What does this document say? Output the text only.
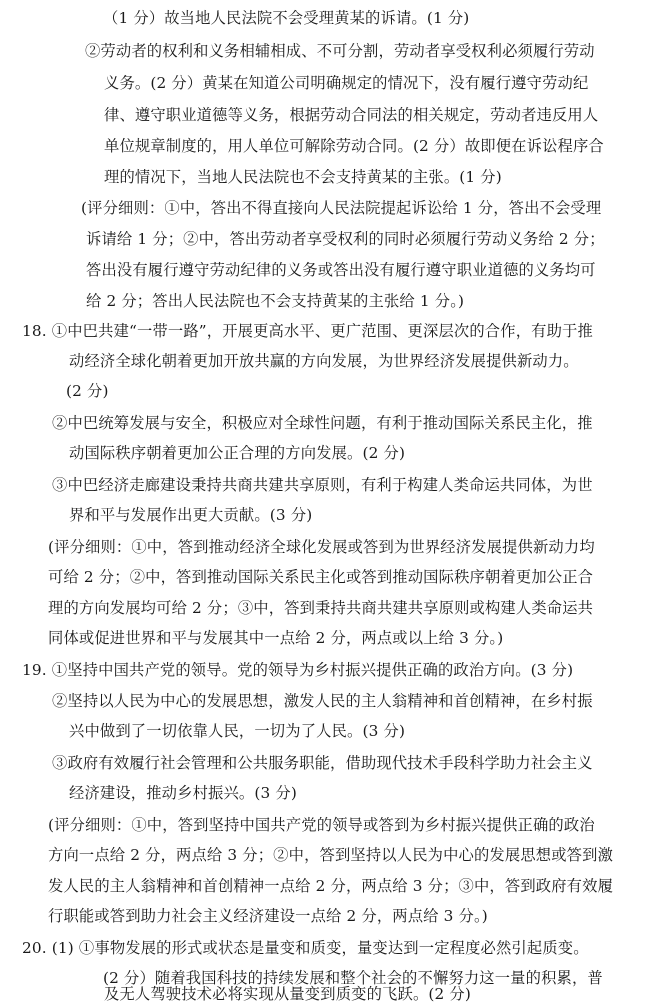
（1 分）故当地人民法院不会受理黄某的诉请。(1 分)
②劳动者的权利和义务相辅相成、不可分割，劳动者享受权利必须履行劳动
义务。(2 分）黄某在知道公司明确规定的情况下，没有履行遵守劳动纪
律、遵守职业道德等义务，根据劳动合同法的相关规定，劳动者违反用人
单位规章制度的，用人单位可解除劳动合同。(2 分）故即便在诉讼程序合
理的情况下，当地人民法院也不会支持黄某的主张。(1 分)
(评分细则：①中，答出不得直接向人民法院提起诉讼给 1 分，答出不会受理
诉请给 1 分；②中，答出劳动者享受权利的同时必须履行劳动义务给 2 分；
答出没有履行遵守劳动纪律的义务或答出没有履行遵守职业道德的义务均可
给 2 分；答出人民法院也不会支持黄某的主张给 1 分。)
18. ①中巴共建“一带一路”，开展更高水平、更广范围、更深层次的合作，有助于推
动经济全球化朝着更加开放共赢的方向发展，为世界经济发展提供新动力。
(2 分)
②中巴统筹发展与安全，积极应对全球性问题，有利于推动国际关系民主化，推
动国际秩序朝着更加公正合理的方向发展。(2 分)
③中巴经济走廊建设秉持共商共建共享原则，有利于构建人类命运共同体，为世
界和平与发展作出更大贡献。(3 分)
(评分细则：①中，答到推动经济全球化发展或答到为世界经济发展提供新动力均
可给 2 分；②中，答到推动国际关系民主化或答到推动国际秩序朝着更加公正合
理的方向发展均可给 2 分；③中，答到秉持共商共建共享原则或构建人类命运共
同体或促进世界和平与发展其中一点给 2 分，两点或以上给 3 分。)
19. ①坚持中国共产党的领导。党的领导为乡村振兴提供正确的政治方向。(3 分)
②坚持以人民为中心的发展思想，激发人民的主人翁精神和首创精神，在乡村振
兴中做到了一切依靠人民，一切为了人民。(3 分)
③政府有效履行社会管理和公共服务职能，借助现代技术手段科学助力社会主义
经济建设，推动乡村振兴。(3 分)
(评分细则：①中，答到坚持中国共产党的领导或答到为乡村振兴提供正确的政治
方向一点给 2 分，两点给 3 分；②中，答到坚持以人民为中心的发展思想或答到激
发人民的主人翁精神和首创精神一点给 2 分，两点给 3 分；③中，答到政府有效履
行职能或答到助力社会主义经济建设一点给 2 分，两点给 3 分。)
20. (1) ①事物发展的形式或状态是量变和质变，量变达到一定程度必然引起质变。
(2 分）随着我国科技的持续发展和整个社会的不懈努力这一量的积累，普
及无人驾驶技术必将实现从量变到质变的飞跃。(2 分)
